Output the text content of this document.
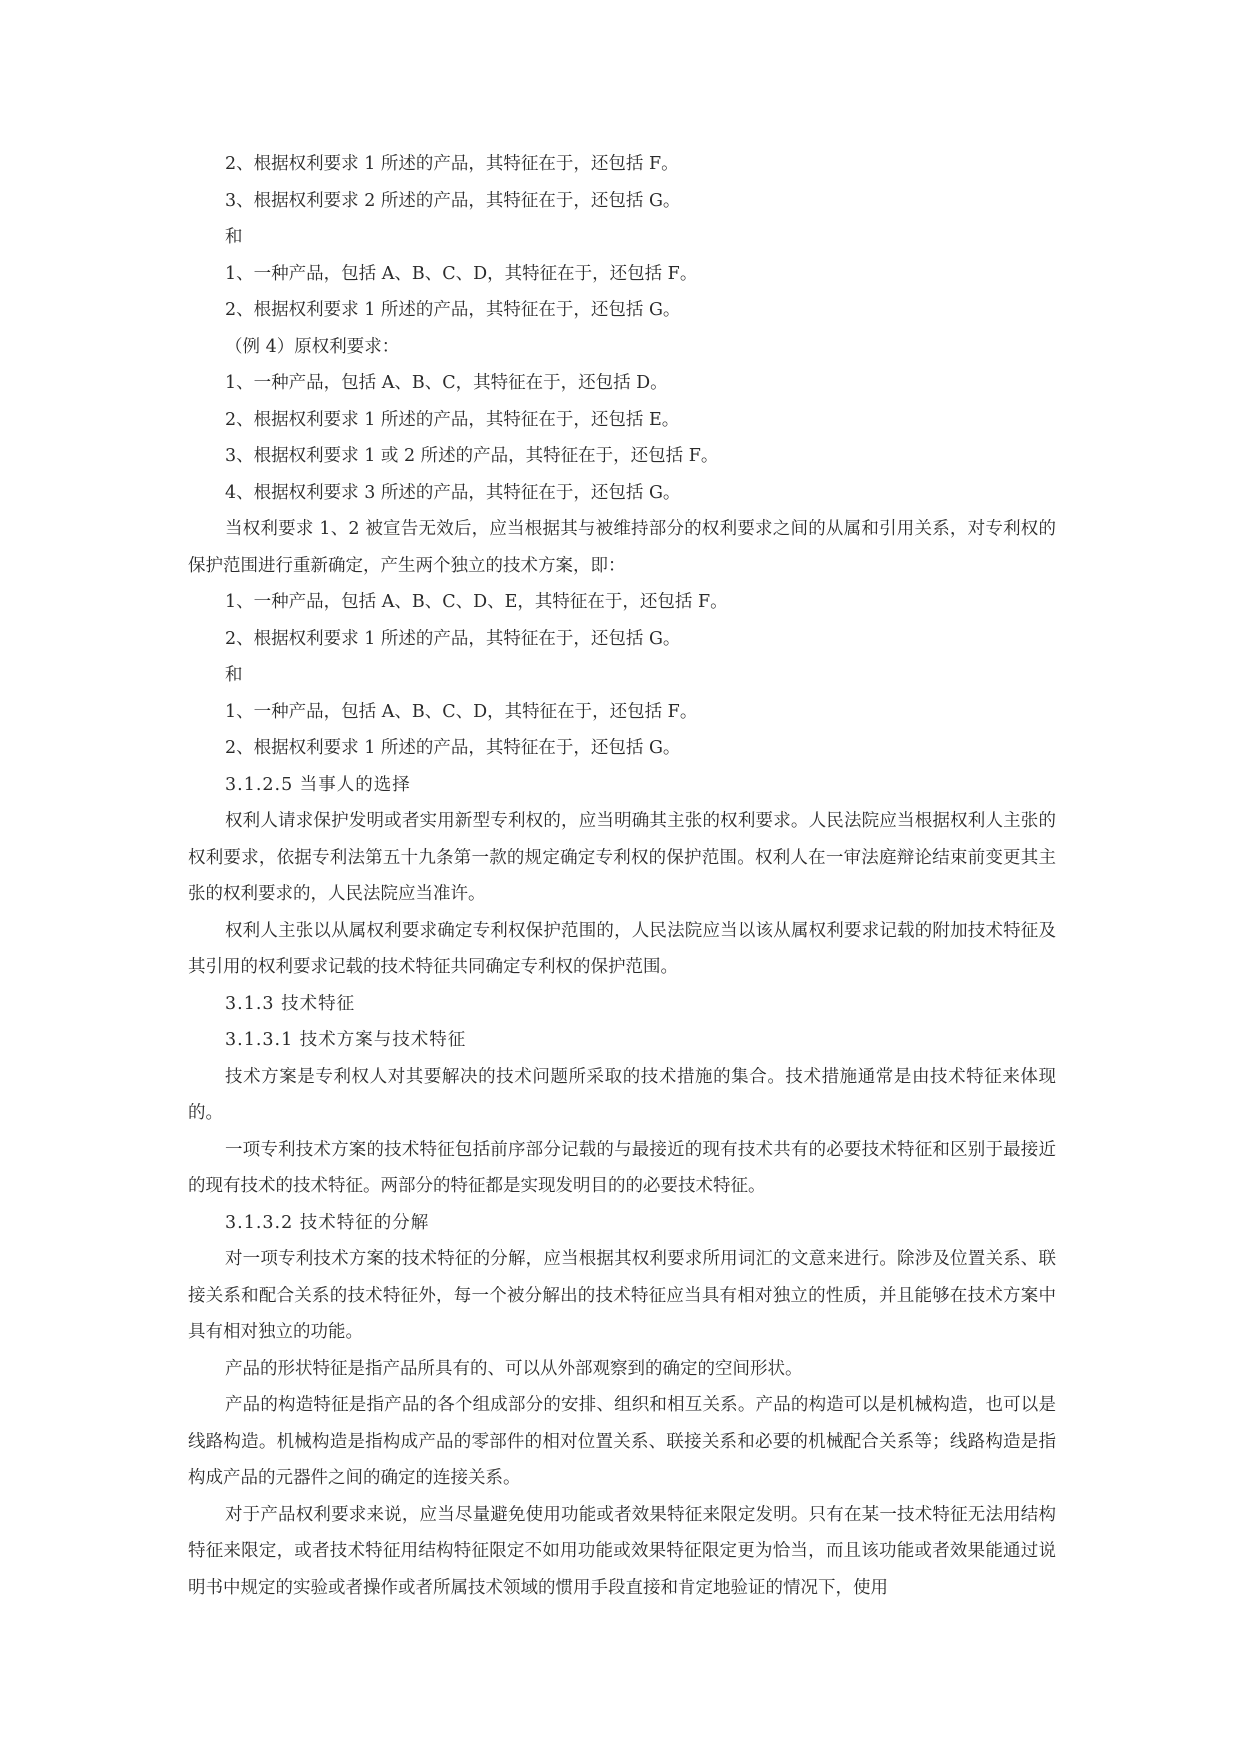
2、根据权利要求 1 所述的产品，其特征在于，还包括 F。

3、根据权利要求 2 所述的产品，其特征在于，还包括 G。

和

1、一种产品，包括 A、B、C、D，其特征在于，还包括 F。

2、根据权利要求 1 所述的产品，其特征在于，还包括 G。

（例 4）原权利要求：

1、一种产品，包括 A、B、C，其特征在于，还包括 D。

2、根据权利要求 1 所述的产品，其特征在于，还包括 E。

3、根据权利要求 1 或 2 所述的产品，其特征在于，还包括 F。

4、根据权利要求 3 所述的产品，其特征在于，还包括 G。

当权利要求 1、2 被宣告无效后，应当根据其与被维持部分的权利要求之间的从属和引用关系，对专利权的保护范围进行重新确定，产生两个独立的技术方案，即：

1、一种产品，包括 A、B、C、D、E，其特征在于，还包括 F。

2、根据权利要求 1 所述的产品，其特征在于，还包括 G。

和

1、一种产品，包括 A、B、C、D，其特征在于，还包括 F。

2、根据权利要求 1 所述的产品，其特征在于，还包括 G。

3.1.2.5 当事人的选择

权利人请求保护发明或者实用新型专利权的，应当明确其主张的权利要求。人民法院应当根据权利人主张的权利要求，依据专利法第五十九条第一款的规定确定专利权的保护范围。权利人在一审法庭辩论结束前变更其主张的权利要求的，人民法院应当准许。

权利人主张以从属权利要求确定专利权保护范围的，人民法院应当以该从属权利要求记载的附加技术特征及其引用的权利要求记载的技术特征共同确定专利权的保护范围。

3.1.3 技术特征

3.1.3.1 技术方案与技术特征

技术方案是专利权人对其要解决的技术问题所采取的技术措施的集合。技术措施通常是由技术特征来体现的。

一项专利技术方案的技术特征包括前序部分记载的与最接近的现有技术共有的必要技术特征和区别于最接近的现有技术的技术特征。两部分的特征都是实现发明目的的必要技术特征。

3.1.3.2 技术特征的分解

对一项专利技术方案的技术特征的分解，应当根据其权利要求所用词汇的文意来进行。除涉及位置关系、联接关系和配合关系的技术特征外，每一个被分解出的技术特征应当具有相对独立的性质，并且能够在技术方案中具有相对独立的功能。

产品的形状特征是指产品所具有的、可以从外部观察到的确定的空间形状。

产品的构造特征是指产品的各个组成部分的安排、组织和相互关系。产品的构造可以是机械构造，也可以是线路构造。机械构造是指构成产品的零部件的相对位置关系、联接关系和必要的机械配合关系等；线路构造是指构成产品的元器件之间的确定的连接关系。

对于产品权利要求来说，应当尽量避免使用功能或者效果特征来限定发明。只有在某一技术特征无法用结构特征来限定，或者技术特征用结构特征限定不如用功能或效果特征限定更为恰当，而且该功能或者效果能通过说明书中规定的实验或者操作或者所属技术领域的惯用手段直接和肯定地验证的情况下，使用
